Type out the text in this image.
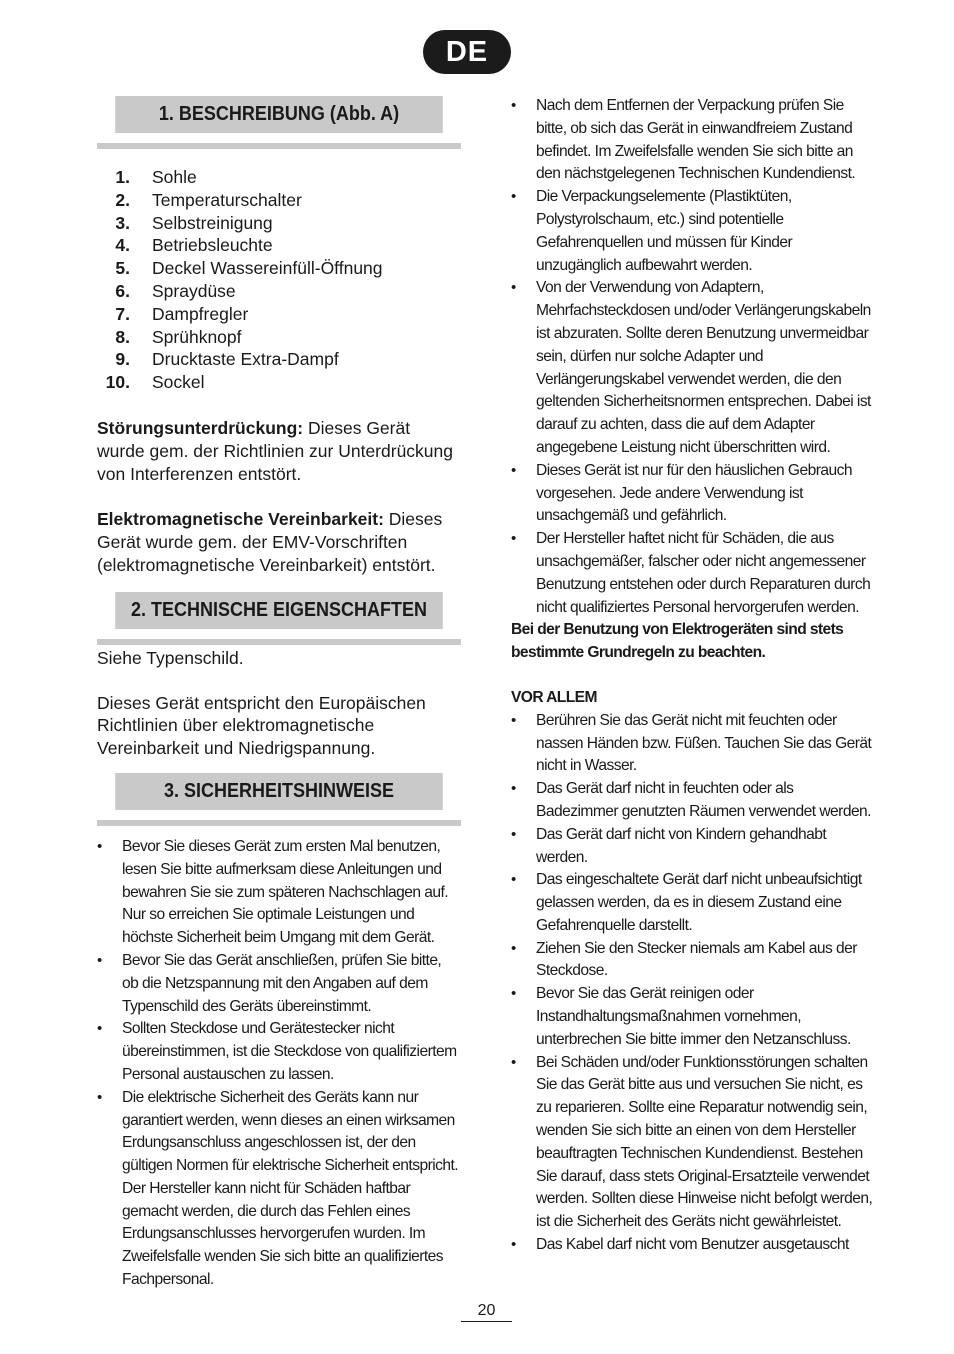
DE
1. BESCHREIBUNG (Abb. A)
1. Sohle
2. Temperaturschalter
3. Selbstreinigung
4. Betriebsleuchte
5. Deckel Wassereinfüll-Öffnung
6. Spraydüse
7. Dampfregler
8. Sprühknopf
9. Drucktaste Extra-Dampf
10. Sockel

Störungsunterdrückung: Dieses Gerät wurde gem. der Richtlinien zur Unterdrückung von Interferenzen entstört.

Elektromagnetische Vereinbarkeit: Dieses Gerät wurde gem. der EMV-Vorschriften (elektromagnetische Vereinbarkeit) entstört.

2. TECHNISCHE EIGENSCHAFTEN

Siehe Typenschild.

Dieses Gerät entspricht den Europäischen Richtlinien über elektromagnetische Vereinbarkeit und Niedrigspannung.

3. SICHERHEITSHINWEISE
• Bevor Sie dieses Gerät zum ersten Mal benutzen, lesen Sie bitte aufmerksam diese Anleitungen und bewahren Sie sie zum späteren Nachschlagen auf. Nur so erreichen Sie optimale Leistungen und höchste Sicherheit beim Umgang mit dem Gerät.
• Bevor Sie das Gerät anschließen, prüfen Sie bitte, ob die Netzspannung mit den Angaben auf dem Typenschild des Geräts übereinstimmt.
• Sollten Steckdose und Gerätestecker nicht übereinstimmen, ist die Steckdose von qualifiziertem Personal austauschen zu lassen.
• Die elektrische Sicherheit des Geräts kann nur garantiert werden, wenn dieses an einen wirksamen Erdungsanschluss angeschlossen ist, der den gültigen Normen für elektrische Sicherheit entspricht. Der Hersteller kann nicht für Schäden haftbar gemacht werden, die durch das Fehlen eines Erdungsanschlusses hervorgerufen wurden. Im Zweifelsfalle wenden Sie sich bitte an qualifiziertes Fachpersonal.
• Nach dem Entfernen der Verpackung prüfen Sie bitte, ob sich das Gerät in einwandfreiem Zustand befindet. Im Zweifelsfalle wenden Sie sich bitte an den nächstgelegenen Technischen Kundendienst.
• Die Verpackungselemente (Plastiktüten, Polystyrolschaum, etc.) sind potentielle Gefahrenquellen und müssen für Kinder unzugänglich aufbewahrt werden.
• Von der Verwendung von Adaptern, Mehrfachsteckdosen und/oder Verlängerungskabeln ist abzuraten. Sollte deren Benutzung unvermeidbar sein, dürfen nur solche Adapter und Verlängerungskabel verwendet werden, die den geltenden Sicherheitsnormen entsprechen. Dabei ist darauf zu achten, dass die auf dem Adapter angegebene Leistung nicht überschritten wird.
• Dieses Gerät ist nur für den häuslichen Gebrauch vorgesehen. Jede andere Verwendung ist unsachgemäß und gefährlich.
• Der Hersteller haftet nicht für Schäden, die aus unsachgemäßer, falscher oder nicht angemessener Benutzung entstehen oder durch Reparaturen durch nicht qualifiziertes Personal hervorgerufen werden.

Bei der Benutzung von Elektrogeräten sind stets bestimmte Grundregeln zu beachten.

VOR ALLEM

• Berühren Sie das Gerät nicht mit feuchten oder nassen Händen bzw. Füßen. Tauchen Sie das Gerät nicht in Wasser.
• Das Gerät darf nicht in feuchten oder als Badezimmer genutzten Räumen verwendet werden.
• Das Gerät darf nicht von Kindern gehandhabt werden.
• Das eingeschaltete Gerät darf nicht unbeaufsichtigt gelassen werden, da es in diesem Zustand eine Gefahrenquelle darstellt.
• Ziehen Sie den Stecker niemals am Kabel aus der Steckdose.
• Bevor Sie das Gerät reinigen oder Instandhaltungsmaßnahmen vornehmen, unterbrechen Sie bitte immer den Netzanschluss.
• Bei Schäden und/oder Funktionsstörungen schalten Sie das Gerät bitte aus und versuchen Sie nicht, es zu reparieren. Sollte eine Reparatur notwendig sein, wenden Sie sich bitte an einen von dem Hersteller beauftragten Technischen Kundendienst. Bestehen Sie darauf, dass stets Original-Ersatzteile verwendet werden. Sollten diese Hinweise nicht befolgt werden, ist die Sicherheit des Geräts nicht gewährleistet.
• Das Kabel darf nicht vom Benutzer ausgetauscht
20
